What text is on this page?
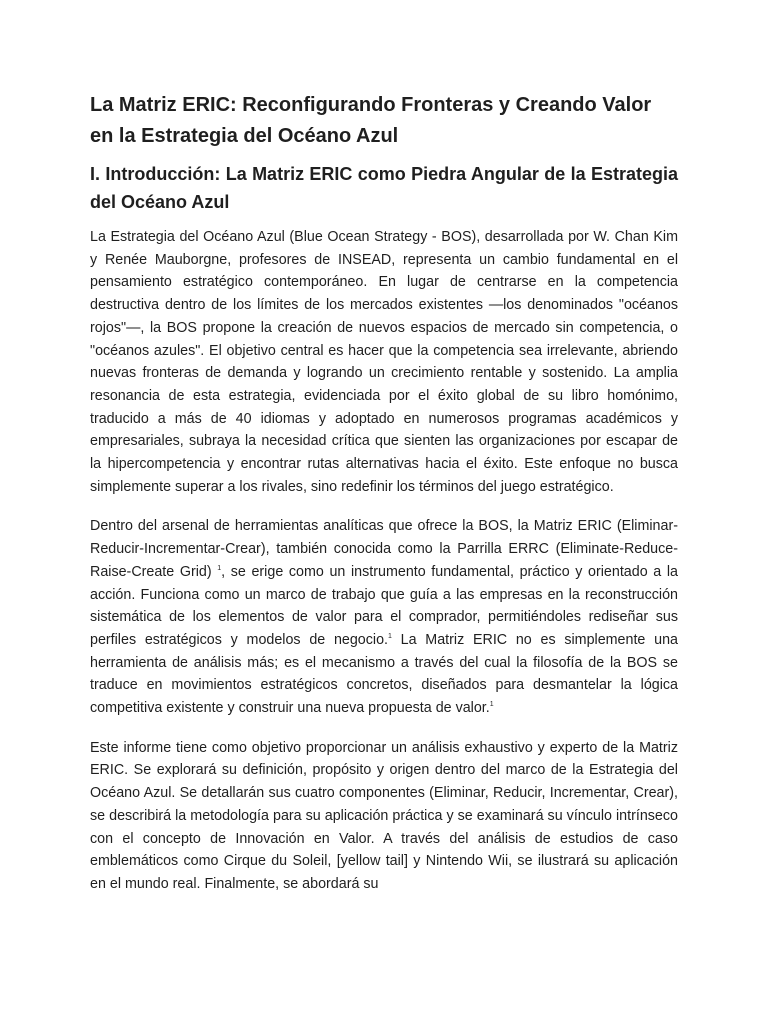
La Matriz ERIC: Reconfigurando Fronteras y Creando Valor en la Estrategia del Océano Azul
I. Introducción: La Matriz ERIC como Piedra Angular de la Estrategia del Océano Azul

La Estrategia del Océano Azul (Blue Ocean Strategy - BOS), desarrollada por W. Chan Kim y Renée Mauborgne, profesores de INSEAD, representa un cambio fundamental en el pensamiento estratégico contemporáneo. En lugar de centrarse en la competencia destructiva dentro de los límites de los mercados existentes —los denominados "océanos rojos"—, la BOS propone la creación de nuevos espacios de mercado sin competencia, o "océanos azules". El objetivo central es hacer que la competencia sea irrelevante, abriendo nuevas fronteras de demanda y logrando un crecimiento rentable y sostenido. La amplia resonancia de esta estrategia, evidenciada por el éxito global de su libro homónimo, traducido a más de 40 idiomas y adoptado en numerosos programas académicos y empresariales, subraya la necesidad crítica que sienten las organizaciones por escapar de la hipercompetencia y encontrar rutas alternativas hacia el éxito. Este enfoque no busca simplemente superar a los rivales, sino redefinir los términos del juego estratégico.

Dentro del arsenal de herramientas analíticas que ofrece la BOS, la Matriz ERIC (Eliminar-Reducir-Incrementar-Crear), también conocida como la Parrilla ERRC (Eliminate-Reduce-Raise-Create Grid) $^1$, se erige como un instrumento fundamental, práctico y orientado a la acción. Funciona como un marco de trabajo que guía a las empresas en la reconstrucción sistemática de los elementos de valor para el comprador, permitiéndoles rediseñar sus perfiles estratégicos y modelos de negocio.$^1$ La Matriz ERIC no es simplemente una herramienta de análisis más; es el mecanismo a través del cual la filosofía de la BOS se traduce en movimientos estratégicos concretos, diseñados para desmantelar la lógica competitiva existente y construir una nueva propuesta de valor.$^1$

Este informe tiene como objetivo proporcionar un análisis exhaustivo y experto de la Matriz ERIC. Se explorará su definición, propósito y origen dentro del marco de la Estrategia del Océano Azul. Se detallarán sus cuatro componentes (Eliminar, Reducir, Incrementar, Crear), se describirá la metodología para su aplicación práctica y se examinará su vínculo intrínseco con el concepto de Innovación en Valor. A través del análisis de estudios de caso emblemáticos como Cirque du Soleil, [yellow tail] y Nintendo Wii, se ilustrará su aplicación en el mundo real. Finalmente, se abordará su
